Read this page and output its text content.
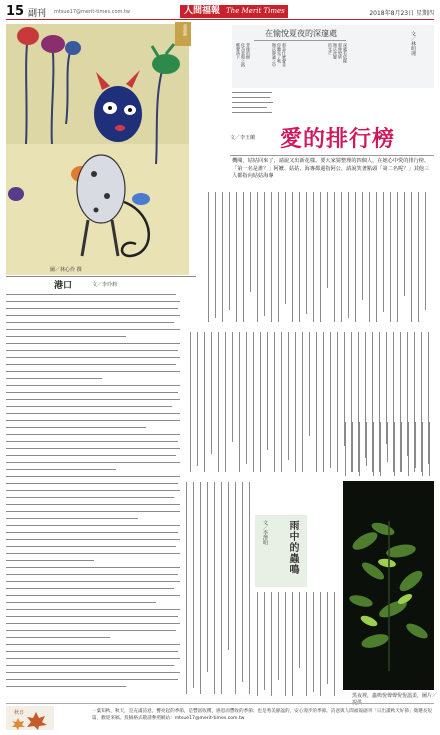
15 副刊 mtsue17@merit-times.com.tw	人間福報 The Merit Times	2018年8月23日 星期四
童畫趣
圖／林心伶 撰
在愉悅夏夜的深邃處
背後的樹
化為悲傷之路
輕聲落下	那是什麼聲音
你聽見了嗎
無法靜謐之中	深處若依稀
那條燈塔
無法改變
的光芒	文／林明理
愛的排行榜
文／李玉蘭
機閱，姑姑回來了，請說又出新花樣。要大家猜整理的四個人，在她心中愛的排行榜。「第一名是誰？」阿嬤、姑姑、海專都還指阿公，請說笑著點頭「第二名呢？」其他三人都指向姑姑海專
港口	文／李玲莉
雨中的蟲鳴
文／李澤明
黑夜裡，蟲鳴悅聲聲悅悅溫柔，圖片／提供
秋日	一葉知秋，秋天，是充滿詩意，響亮起的季節，是豐富收穫，感恩而豐收的季節；也是秀美靜謐的，安心漫步的季節。詩意與人間福報副刊「日出讀秋天好節」徵選長短篇，歡迎來稿。投稿格式敬請參照網站：mtsue17@merit-times.com.tw
